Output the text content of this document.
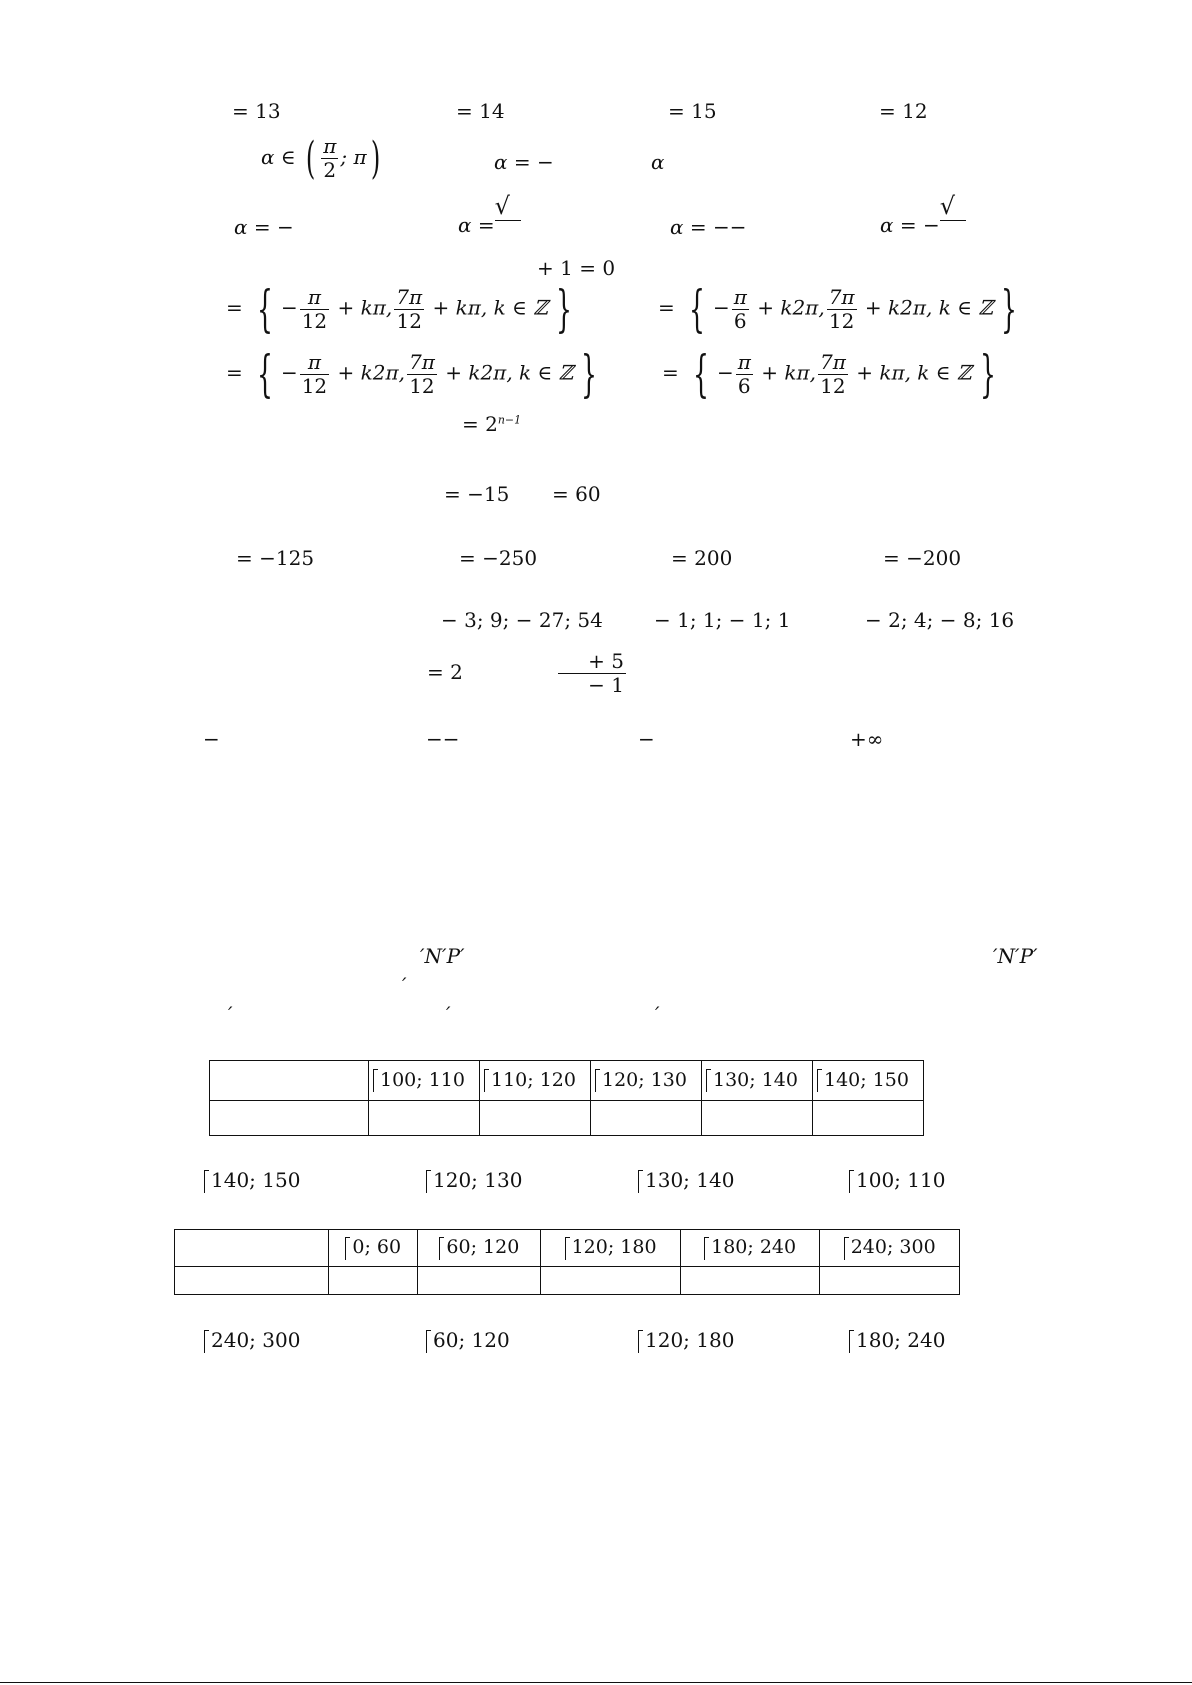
= 13	= 14	= 15	= 12
α ∈ ( $\frac{\pi}{2}$ ; π)	α = −	α
α = −	α =
√
α = −−	α = −
√
+ 1 = 0
= { − $\frac{\pi}{12} + k\pi$, $\frac{7\pi}{12} + k\pi$, k ∈ ℤ }	= { − $\frac{\pi}{6} + k2\pi$, $\frac{7\pi}{12} + k2\pi$, k ∈ ℤ }
= { − $\frac{\pi}{12} + k2\pi$, $\frac{7\pi}{12} + k2\pi$, k ∈ ℤ }	= { − $\frac{\pi}{6} + k\pi$, $\frac{7\pi}{12} + k\pi$, k ∈ ℤ }
= $2^{n-1}$
= −15 = 60
= −125	= −250	= 200	= −200
− 3; 9; − 27; 54	− 1; 1; − 1; 1	− 2; 4; − 8; 16
= 2	$\frac{+ 5}{- 1}$
−	−−	−	+∞
′N′P′	′N′P′
′
′	′	′
	100; 110	110; 120	120; 130	130; 140	140; 150

140; 150	120; 130	130; 140	100; 110
	0; 60	60; 120	120; 180	180; 240	240; 300

240; 300	60; 120	120; 180	180; 240
